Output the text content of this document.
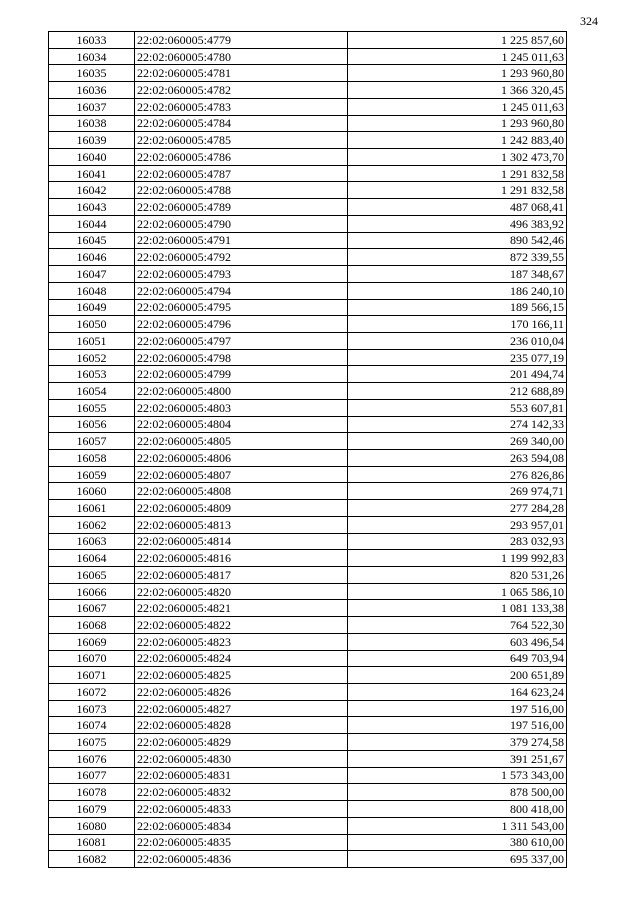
324
16033	22:02:060005:4779	1 225 857,60
16034	22:02:060005:4780	1 245 011,63
16035	22:02:060005:4781	1 293 960,80
16036	22:02:060005:4782	1 366 320,45
16037	22:02:060005:4783	1 245 011,63
16038	22:02:060005:4784	1 293 960,80
16039	22:02:060005:4785	1 242 883,40
16040	22:02:060005:4786	1 302 473,70
16041	22:02:060005:4787	1 291 832,58
16042	22:02:060005:4788	1 291 832,58
16043	22:02:060005:4789	487 068,41
16044	22:02:060005:4790	496 383,92
16045	22:02:060005:4791	890 542,46
16046	22:02:060005:4792	872 339,55
16047	22:02:060005:4793	187 348,67
16048	22:02:060005:4794	186 240,10
16049	22:02:060005:4795	189 566,15
16050	22:02:060005:4796	170 166,11
16051	22:02:060005:4797	236 010,04
16052	22:02:060005:4798	235 077,19
16053	22:02:060005:4799	201 494,74
16054	22:02:060005:4800	212 688,89
16055	22:02:060005:4803	553 607,81
16056	22:02:060005:4804	274 142,33
16057	22:02:060005:4805	269 340,00
16058	22:02:060005:4806	263 594,08
16059	22:02:060005:4807	276 826,86
16060	22:02:060005:4808	269 974,71
16061	22:02:060005:4809	277 284,28
16062	22:02:060005:4813	293 957,01
16063	22:02:060005:4814	283 032,93
16064	22:02:060005:4816	1 199 992,83
16065	22:02:060005:4817	820 531,26
16066	22:02:060005:4820	1 065 586,10
16067	22:02:060005:4821	1 081 133,38
16068	22:02:060005:4822	764 522,30
16069	22:02:060005:4823	603 496,54
16070	22:02:060005:4824	649 703,94
16071	22:02:060005:4825	200 651,89
16072	22:02:060005:4826	164 623,24
16073	22:02:060005:4827	197 516,00
16074	22:02:060005:4828	197 516,00
16075	22:02:060005:4829	379 274,58
16076	22:02:060005:4830	391 251,67
16077	22:02:060005:4831	1 573 343,00
16078	22:02:060005:4832	878 500,00
16079	22:02:060005:4833	800 418,00
16080	22:02:060005:4834	1 311 543,00
16081	22:02:060005:4835	380 610,00
16082	22:02:060005:4836	695 337,00
